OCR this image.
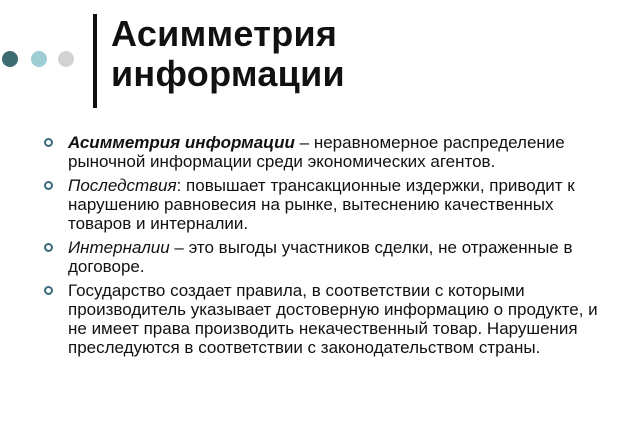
Асимметрия
информации
Асимметрия информации – неравномерное распределение рыночной информации среди экономических агентов.
Последствия: повышает трансакционные издержки, приводит к нарушению равновесия на рынке, вытеснению качественных товаров и интерналии.
Интерналии – это выгоды участников сделки, не отраженные в договоре.
Государство создает правила, в соответствии с которыми производитель указывает достоверную информацию о продукте, и не имеет права производить некачественный товар. Нарушения преследуются в соответствии с законодательством страны.
